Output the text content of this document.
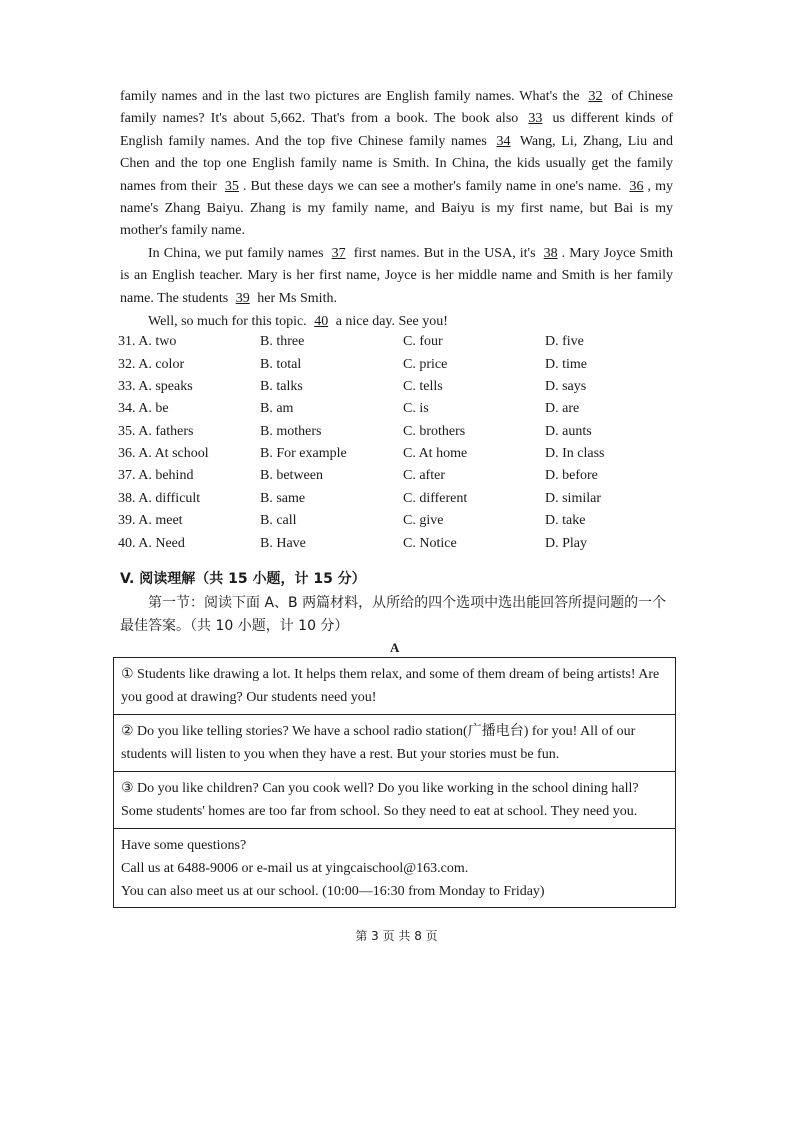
family names and in the last two pictures are English family names. What's the 32 of Chinese family names? It's about 5,662. That's from a book. The book also 33 us different kinds of English family names. And the top five Chinese family names 34 Wang, Li, Zhang, Liu and Chen and the top one English family name is Smith. In China, the kids usually get the family names from their 35 . But these days we can see a mother's family name in one's name. 36 , my name's Zhang Baiyu. Zhang is my family name, and Baiyu is my first name, but Bai is my mother's family name.
In China, we put family names 37 first names. But in the USA, it's 38 . Mary Joyce Smith is an English teacher. Mary is her first name, Joyce is her middle name and Smith is her family name. The students 39 her Ms Smith.
Well, so much for this topic. 40 a nice day. See you!
31. A. two	B. three	C. four	D. five
32. A. color	B. total	C. price	D. time
33. A. speaks	B. talks	C. tells	D. says
34. A. be	B. am	C. is	D. are
35. A. fathers	B. mothers	C. brothers	D. aunts
36. A. At school	B. For example	C. At home	D. In class
37. A. behind	B. between	C. after	D. before
38. A. difficult	B. same	C. different	D. similar
39. A. meet	B. call	C. give	D. take
40. A. Need	B. Have	C. Notice	D. Play
V. 阅读理解（共 15 小题，计 15 分）
第一节：阅读下面 A、B 两篇材料，从所给的四个选项中选出能回答所提问题的一个最佳答案。（共 10 小题，计 10 分）
A
① Students like drawing a lot. It helps them relax, and some of them dream of being artists! Are you good at drawing? Our students need you!
② Do you like telling stories? We have a school radio station(广播电台) for you! All of our students will listen to you when they have a rest. But your stories must be fun.
③ Do you like children? Can you cook well? Do you like working in the school dining hall? Some students' homes are too far from school. So they need to eat at school. They need you.
Have some questions?
Call us at 6488-9006 or e-mail us at yingcaischool@163.com.
You can also meet us at our school. (10:00—16:30 from Monday to Friday)
第 3 页 共 8 页
